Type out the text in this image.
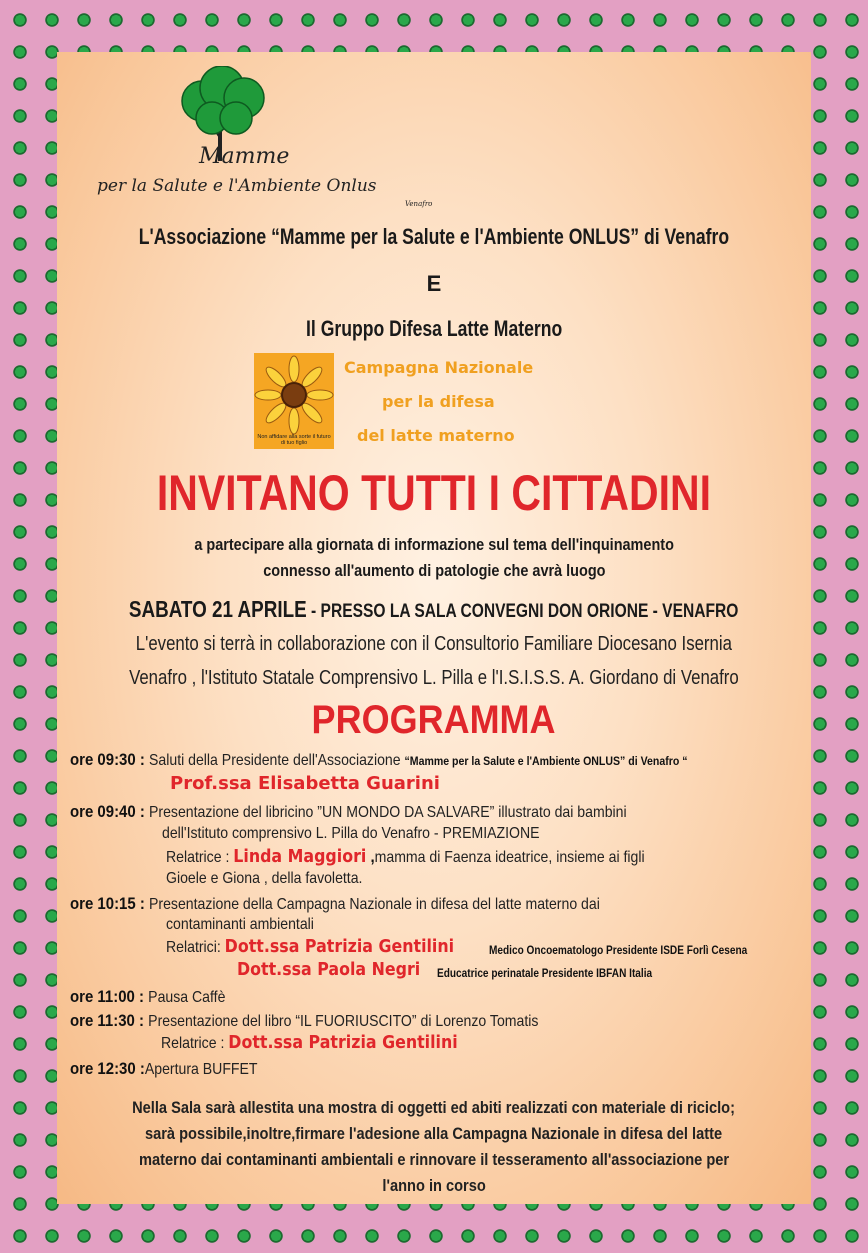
Mamme
per la Salute e l'Ambiente Onlus
Venafro
L'Associazione “Mamme per la Salute e l'Ambiente ONLUS” di Venafro
E
Il Gruppo Difesa Latte Materno
Non affidare alla sorte il futuro di tuo figlio
Campagna Nazionale
per la difesa
del latte materno
INVITANO TUTTI I CITTADINI
a partecipare alla giornata di informazione sul tema dell'inquinamento
connesso all'aumento di patologie che avrà luogo
SABATO 21 APRILE - PRESSO LA SALA CONVEGNI DON ORIONE - VENAFRO
L'evento si terrà in collaborazione con il Consultorio Familiare Diocesano Isernia
Venafro , l'Istituto Statale Comprensivo L. Pilla e l'I.S.I.S.S. A. Giordano di Venafro
PROGRAMMA
ore 09:30 : Saluti della Presidente dell'Associazione “Mamme per la Salute e l'Ambiente ONLUS” di Venafro “
Prof.ssa Elisabetta Guarini
ore 09:40 : Presentazione del libricino ”UN MONDO DA SALVARE” illustrato dai bambini
dell'Istituto comprensivo L. Pilla do Venafro - PREMIAZIONE
Relatrice : Linda Maggiori ,mamma di Faenza ideatrice, insieme ai figli
Gioele e Giona , della favoletta.
ore 10:15 : Presentazione della Campagna Nazionale in difesa del latte materno dai
contaminanti ambientali
Relatrici: Dott.ssa Patrizia Gentilini	Medico Oncoematologo Presidente ISDE Forlì Cesena
Dott.ssa Paola Negri	Educatrice perinatale Presidente IBFAN Italia
ore 11:00 : Pausa Caffè
ore 11:30 : Presentazione del libro “IL FUORIUSCITO” di Lorenzo Tomatis
Relatrice : Dott.ssa Patrizia Gentilini
ore 12:30 :Apertura BUFFET
Nella Sala sarà allestita una mostra di oggetti ed abiti realizzati con materiale di riciclo;
sarà possibile,inoltre,firmare l'adesione alla Campagna Nazionale in difesa del latte
materno dai contaminanti ambientali e rinnovare il tesseramento all'associazione per
l'anno in corso
